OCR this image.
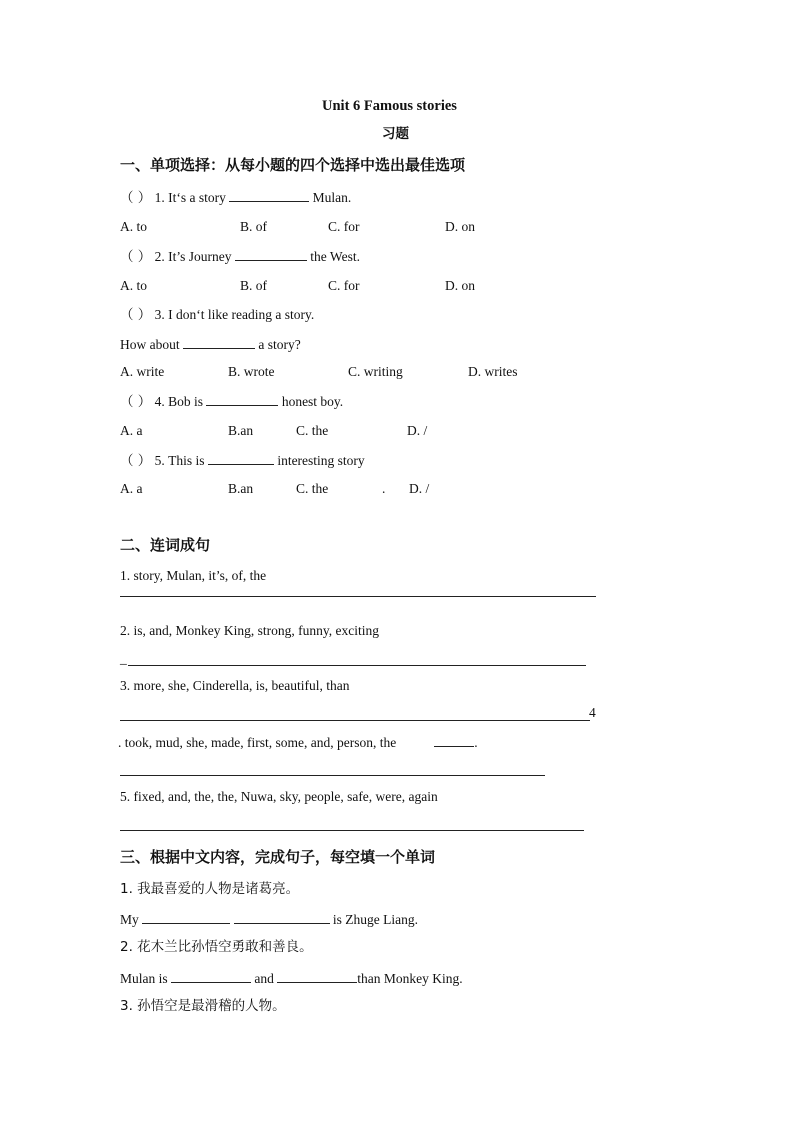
Unit 6 Famous stories
习题
一、单项选择：从每小题的四个选择中选出最佳选项
（ ） 1. It‘s a story	Mulan.
A. to	B. of	C. for	D. on
（ ） 2. It’s Journey	the West.
A. to	B. of	C. for	D. on
（ ） 3. I don‘t like reading a story.
How about	a story?
A. write	B. wrote	C. writing	D. writes
（ ） 4. Bob is	honest boy.
A. a	B.an	C. the	D. /
（ ） 5. This is	interesting story
A. a	B.an	C. the	. D. /
二、连词成句
1. story, Mulan, it’s, of, the
2. is, and, Monkey King, strong, funny, exciting
_
3. more, she, Cinderella, is, beautiful, than
4
. took, mud, she, made, first, some, and, person, the	.
5. fixed, and, the, the, Nuwa, sky, people, safe, were, again
三、根据中文内容，完成句子，每空填一个单词
1. 我最喜爱的人物是诸葛亮。
My	is Zhuge Liang.
2. 花木兰比孙悟空勇敢和善良。
Mulan is	and	than Monkey King.
3. 孙悟空是最滑稽的人物。
